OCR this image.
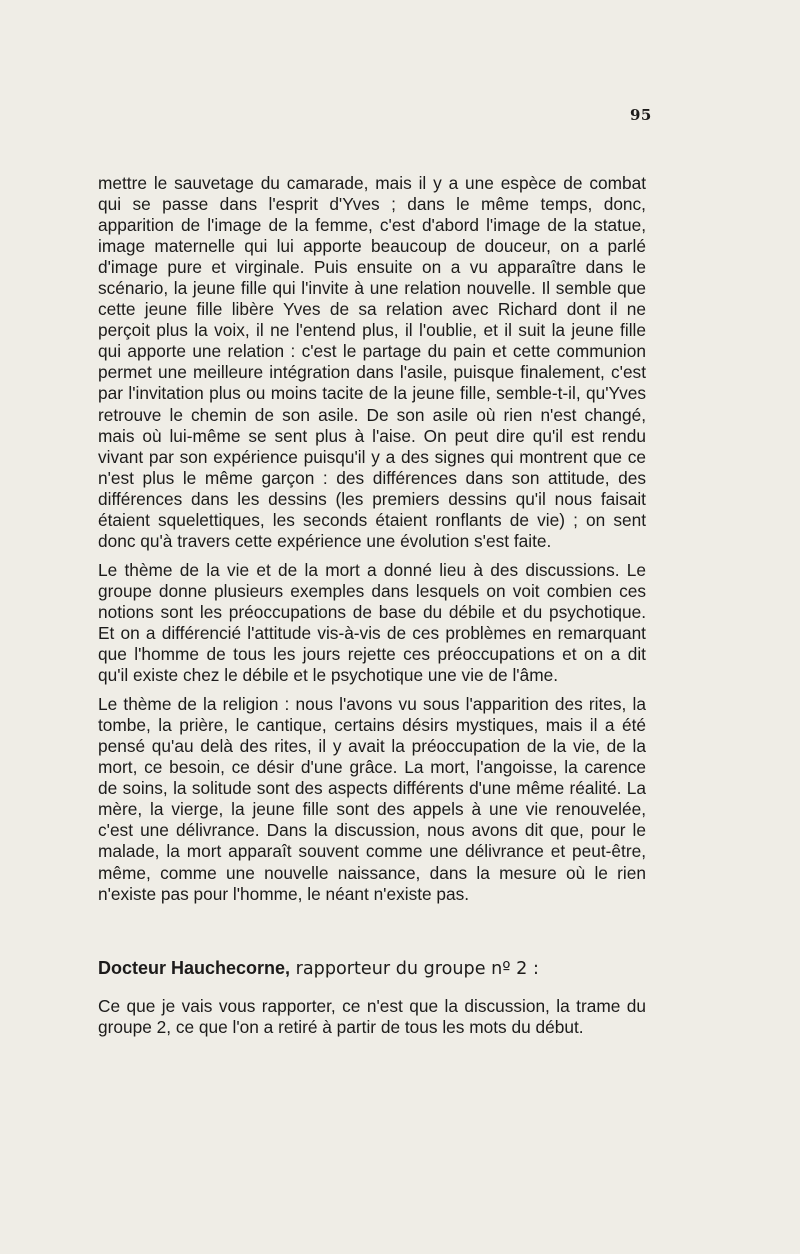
95

mettre le sauvetage du camarade, mais il y a une espèce de combat qui se passe dans l'esprit d'Yves ; dans le même temps, donc, apparition de l'image de la femme, c'est d'abord l'image de la statue, image maternelle qui lui apporte beaucoup de douceur, on a parlé d'image pure et virginale. Puis ensuite on a vu apparaître dans le scénario, la jeune fille qui l'invite à une relation nouvelle. Il semble que cette jeune fille libère Yves de sa relation avec Richard dont il ne perçoit plus la voix, il ne l'entend plus, il l'oublie, et il suit la jeune fille qui apporte une relation : c'est le partage du pain et cette communion permet une meilleure intégration dans l'asile, puisque finalement, c'est par l'invitation plus ou moins tacite de la jeune fille, semble-t-il, qu'Yves retrouve le chemin de son asile. De son asile où rien n'est changé, mais où lui-même se sent plus à l'aise. On peut dire qu'il est rendu vivant par son expérience puisqu'il y a des signes qui montrent que ce n'est plus le même garçon : des différences dans son attitude, des différences dans les dessins (les premiers dessins qu'il nous faisait étaient squelettiques, les seconds étaient ronflants de vie) ; on sent donc qu'à travers cette expérience une évolution s'est faite.

Le thème de la vie et de la mort a donné lieu à des discussions. Le groupe donne plusieurs exemples dans lesquels on voit combien ces notions sont les préoccupations de base du débile et du psychotique. Et on a différencié l'attitude vis-à-vis de ces problèmes en remarquant que l'homme de tous les jours rejette ces préoccupations et on a dit qu'il existe chez le débile et le psychotique une vie de l'âme.

Le thème de la religion : nous l'avons vu sous l'apparition des rites, la tombe, la prière, le cantique, certains désirs mystiques, mais il a été pensé qu'au delà des rites, il y avait la préoccupation de la vie, de la mort, ce besoin, ce désir d'une grâce. La mort, l'angoisse, la carence de soins, la solitude sont des aspects différents d'une même réalité. La mère, la vierge, la jeune fille sont des appels à une vie renouvelée, c'est une délivrance. Dans la discussion, nous avons dit que, pour le malade, la mort apparaît souvent comme une délivrance et peut-être, même, comme une nouvelle naissance, dans la mesure où le rien n'existe pas pour l'homme, le néant n'existe pas.

Docteur Hauchecorne, rapporteur du groupe nº 2 :

Ce que je vais vous rapporter, ce n'est que la discussion, la trame du groupe 2, ce que l'on a retiré à partir de tous les mots du début.
